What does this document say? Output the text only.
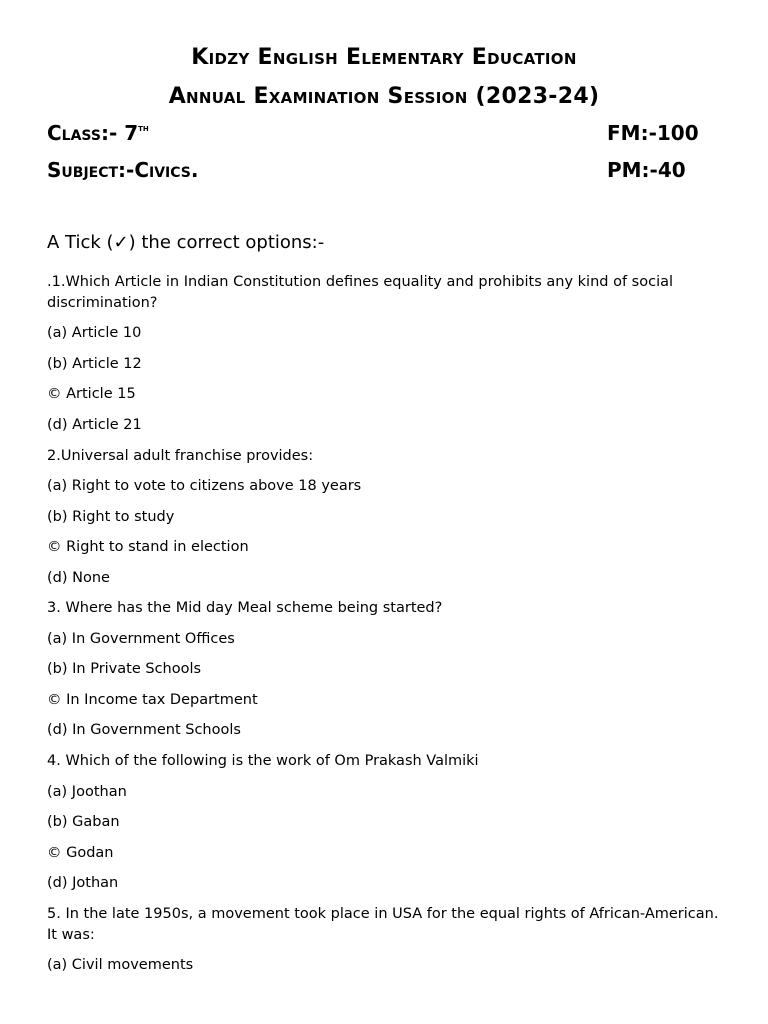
Kidzy English Elementary Education
Annual Examination Session (2023-24)
Class:- 7th	FM:-100
Subject:-Civics.	PM:-40
A Tick (✓) the correct options:-
.1.Which Article in Indian Constitution defines equality and prohibits any kind of social discrimination?
(a) Article 10
(b) Article 12
© Article 15
(d) Article 21
2.Universal adult franchise provides:
(a) Right to vote to citizens above 18 years
(b) Right to study
© Right to stand in election
(d) None
3. Where has the Mid day Meal scheme being started?
(a) In Government Offices
(b) In Private Schools
© In Income tax Department
(d) In Government Schools
4. Which of the following is the work of Om Prakash Valmiki
(a) Joothan
(b) Gaban
© Godan
(d) Jothan
5. In the late 1950s, a movement took place in USA for the equal rights of African-American. It was:
(a) Civil movements
